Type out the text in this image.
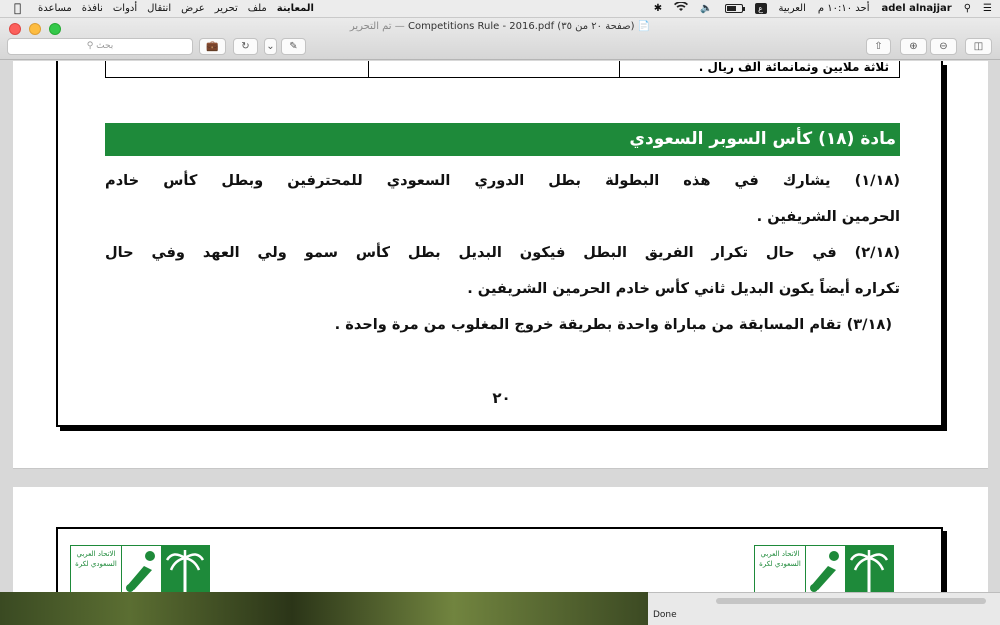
المعاينة
ملف
تحرير
عرض
انتقال
أدوات
نافذة
مساعدة	✱	🔈	ع	العربية أحد ١٠:١٠ م adel alnajjar ⚲ ☰
تم التحرير — Competitions Rule - 2016.pdf (صفحة ٢٠ من ٣٥) 📄
بحث ⚲	💼	↻	⌄	✎	⇧	⊕	⊖	◫
ثلاثة ملايين وثمانمائة ألف ريال .
مادة (١٨) كأس السوبر السعودي

(١/١٨) يشارك في هذه البطولة بطل الدوري السعودي للمحترفين وبطل كأس خادم

الحرمين الشريفين .

(٢/١٨) في حال تكرار الفريق البطل فيكون البديل بطل كأس سمو ولي العهد وفي حال

تكراره أيضاً يكون البديل ثاني كأس خادم الحرمين الشريفين .

(٣/١٨) تقام المسابقة من مباراة واحدة بطريقة خروج المغلوب من مرة واحدة .

٢٠
الاتحاد العربي السعودي لكرة
الاتحاد العربي السعودي لكرة
Done
